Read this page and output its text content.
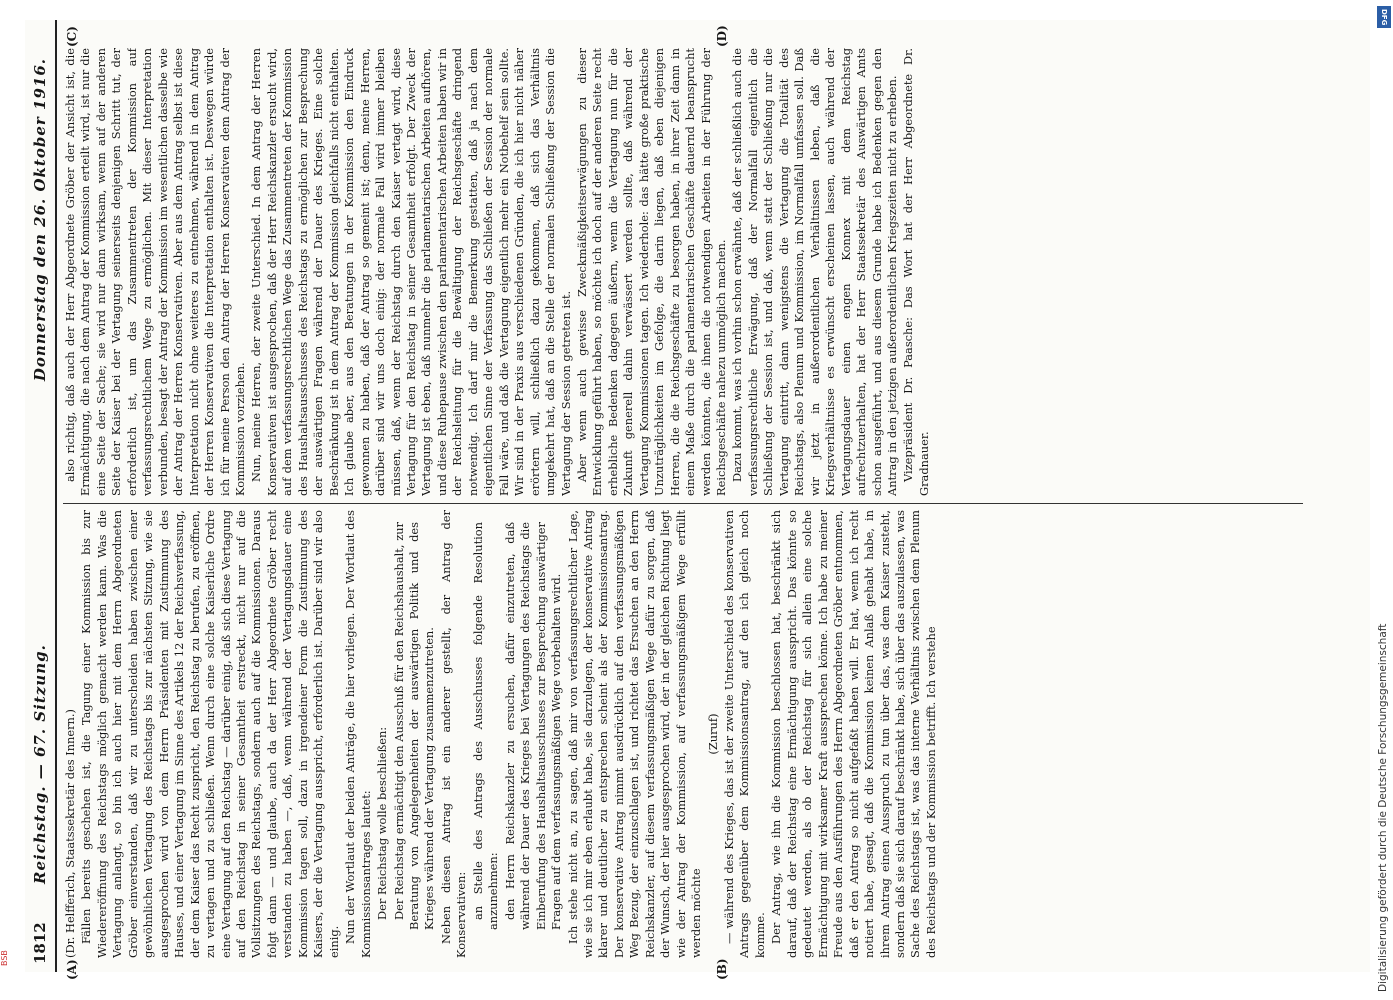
1812
Reichstag. — 67. Sitzung.
Donnerstag den 26. Oktober 1916.

(Dr. Helfferich, Staatssekretär des Innern.) Fällen bereits geschehen ist, die Tagung einer Kommission bis zur Wiedereröffnung des Reichstags möglich gemacht werden kann. Was die Vertagung anlangt, so bin ich auch hier mit dem Herrn Abgeordneten Gröber einverstanden, daß wir zu unterscheiden haben zwischen einer gewöhnlichen Vertagung des Reichstags bis zur nächsten Sitzung, wie sie ausgesprochen wird von dem Herrn Präsidenten mit Zustimmung des Hauses, und einer Vertagung im Sinne des Artikels 12 der Reichsverfassung, der dem Kaiser das Recht zuspricht, den Reichstag zu berufen, zu eröffnen, zu vertagen und zu schließen. Wenn durch eine solche Kaiserliche Ordre eine Vertagung auf den Reichstag — darüber einig, daß sich diese Vertagung auf den Reichstag in seiner Gesamtheit erstreckt, nicht nur auf die Vollsitzungen des Reichstags, sondern auch auf die Kommissionen. Daraus folgt dann — und glaube, auch da der Herr Abgeordnete Gröber recht verstanden zu haben —, daß, wenn während der Vertagungsdauer eine Kommission tagen soll, dazu in irgendeiner Form die Zustimmung des Kaisers, der die Vertagung ausspricht, erforderlich ist. Darüber sind wir also einig. Nun der Wortlaut der beiden Anträge, die hier vorliegen. Der Wortlaut des Kommissionsantrages lautet: Der Reichstag wolle beschließen: Der Reichstag ermächtigt den Ausschuß für den Reichshaushalt, zur Beratung von Angelegenheiten der auswärtigen Politik und des Krieges während der Vertagung zusammenzutreten. Neben diesen Antrag ist ein anderer gestellt, der Antrag der Konservativen: an Stelle des Antrags des Ausschusses folgende Resolution anzunehmen: den Herrn Reichskanzler zu ersuchen, dafür einzutreten, daß während der Dauer des Krieges bei Vertagungen des Reichstags die Einberufung des Haushaltsausschusses zur Besprechung auswärtiger Fragen auf dem verfassungsmäßigen Wege vorbehalten wird. Ich stehe nicht an, zu sagen, daß mir von verfassungsrechtlicher Lage, wie sie ich mir eben erlaubt habe, sie darzulegen, der konservative Antrag klarer und deutlicher zu entsprechen scheint als der Kommissionsantrag. Der konservative Antrag nimmt ausdrücklich auf den verfassungsmäßigen Weg Bezug, der einzuschlagen ist, und richtet das Ersuchen an den Herrn Reichskanzler, auf diesem verfassungsmäßigen Wege dafür zu sorgen, daß der Wunsch, der hier ausgesprochen wird, der in der gleichen Richtung liegt wie der Antrag der Kommission, auf verfassungsmäßigem Wege erfüllt werden möchte

(Zuruf) — während des Krieges, das ist der zweite Unterschied des konservativen Antrags gegenüber dem Kommissionsantrag, auf den ich gleich noch komme. Der Antrag, wie ihn die Kommission beschlossen hat, beschränkt sich darauf, daß der Reichstag eine Ermächtigung ausspricht. Das könnte so gedeutet werden, als ob der Reichstag für sich allein eine solche Ermächtigung mit wirksamer Kraft aussprechen könne. Ich habe zu meiner Freude aus den Ausführungen des Herrn Abgeordneten Gröber entnommen, daß er den Antrag so nicht aufgefaßt haben will. Er hat, wenn ich recht notiert habe, gesagt, daß die Kommission keinen Anlaß gehabt habe, in ihrem Antrag einen Ausspruch zu tun über das, was dem Kaiser zusteht, sondern daß sie sich darauf beschränkt habe, sich über das auszulassen, was Sache des Reichstags ist, was das interne Verhältnis zwischen dem Plenum des Reichstags und der Kommission betrifft. Ich verstehe

also richtig, daß auch der Herr Abgeordnete Gröber der Ansicht ist, die Ermächtigung, die nach dem Antrag der Kommission erteilt wird, ist nur die eine Seite der Sache; sie wird nur dann wirksam, wenn auf der anderen Seite der Kaiser bei der Vertagung seinerseits denjenigen Schritt tut, der erforderlich ist, um das Zusammentreten der Kommission auf verfassungsrechtlichem Wege zu ermöglichen. Mit dieser Interpretation verbunden, besagt der Antrag der Kommission im wesentlichen dasselbe wie der Antrag der Herren Konservativen. Aber aus dem Antrag selbst ist diese Interpretation nicht ohne weiteres zu entnehmen, während in dem Antrag der Herren Konservativen die Interpretation enthalten ist. Deswegen würde ich für meine Person den Antrag der Herren Konservativen dem Antrag der Kommission vorziehen. Nun, meine Herren, der zweite Unterschied. In dem Antrag der Herren Konservativen ist ausgesprochen, daß der Herr Reichskanzler ersucht wird, auf dem verfassungsrechtlichen Wege das Zusammentreten der Kommission des Haushaltsausschusses des Reichstags zu ermöglichen zur Besprechung der auswärtigen Fragen während der Dauer des Krieges. Eine solche Beschränkung ist in dem Antrag der Kommission gleichfalls nicht enthalten. Ich glaube aber, aus den Beratungen in der Kommission den Eindruck gewonnen zu haben, daß der Antrag so gemeint ist; denn, meine Herren, darüber sind wir uns doch einig: der normale Fall wird immer bleiben müssen, daß, wenn der Reichstag durch den Kaiser vertagt wird, diese Vertagung für den Reichstag in seiner Gesamtheit erfolgt. Der Zweck der Vertagung ist eben, daß nunmehr die parlamentarischen Arbeiten aufhören, und diese Ruhepause zwischen den parlamentarischen Arbeiten haben wir in der Reichsleitung für die Bewältigung der Reichsgeschäfte dringend notwendig. Ich darf mir die Bemerkung gestatten, daß ja nach dem eigentlichen Sinne der Verfassung das Schließen der Session der normale Fall wäre, und daß die Vertagung eigentlich mehr ein Notbehelf sein sollte. Wir sind in der Praxis aus verschiedenen Gründen, die ich hier nicht näher erörtern will, schließlich dazu gekommen, daß sich das Verhältnis umgekehrt hat, daß an die Stelle der normalen Schließung der Session die Vertagung der Session getreten ist. Aber wenn auch gewisse Zweckmäßigkeitserwägungen zu dieser Entwicklung geführt haben, so möchte ich doch auf der anderen Seite recht erhebliche Bedenken dagegen äußern, wenn die Vertagung nun für die Zukunft generell dahin verwässert werden sollte, daß während der Vertagung Kommissionen tagen. Ich wiederhole: das hätte große praktische Unzuträglichkeiten im Gefolge, die darin liegen, daß eben diejenigen Herren, die die Reichsgeschäfte zu besorgen haben, in ihrer Zeit dann in einem Maße durch die parlamentarischen Geschäfte dauernd beansprucht werden könnten, die ihnen die notwendigen Arbeiten in der Führung der Reichsgeschäfte nahezu unmöglich machen. Dazu kommt, was ich vorhin schon erwähnte, daß der schließlich auch die verfassungsrechtliche Erwägung, daß der Normalfall eigentlich die Schließung der Session ist, und daß, wenn statt der Schließung nur die Vertagung eintritt, dann wenigstens die Vertagung die Totalität des Reichstags, also Plenum und Kommission, im Normalfall umfassen soll. Daß wir jetzt in außerordentlichen Verhältnissen leben, daß die Kriegsverhältnisse es erwünscht erscheinen lassen, auch während der Vertagungsdauer einen engen Konnex mit dem Reichstag aufrechtzuerhalten, hat der Herr Staatssekretär des Auswärtigen Amts schon ausgeführt, und aus diesem Grunde habe ich Bedenken gegen den Antrag in den jetzigen außerordentlichen Kriegszeiten nicht zu erheben. Vizepräsident Dr. Paasche: Das Wort hat der Herr Abgeordnete Dr. Gradnauer.

(A)	(B)
(C)	(D)
DFG
Digitalisierung gefördert durch die Deutsche Forschungsgemeinschaft
BSB
